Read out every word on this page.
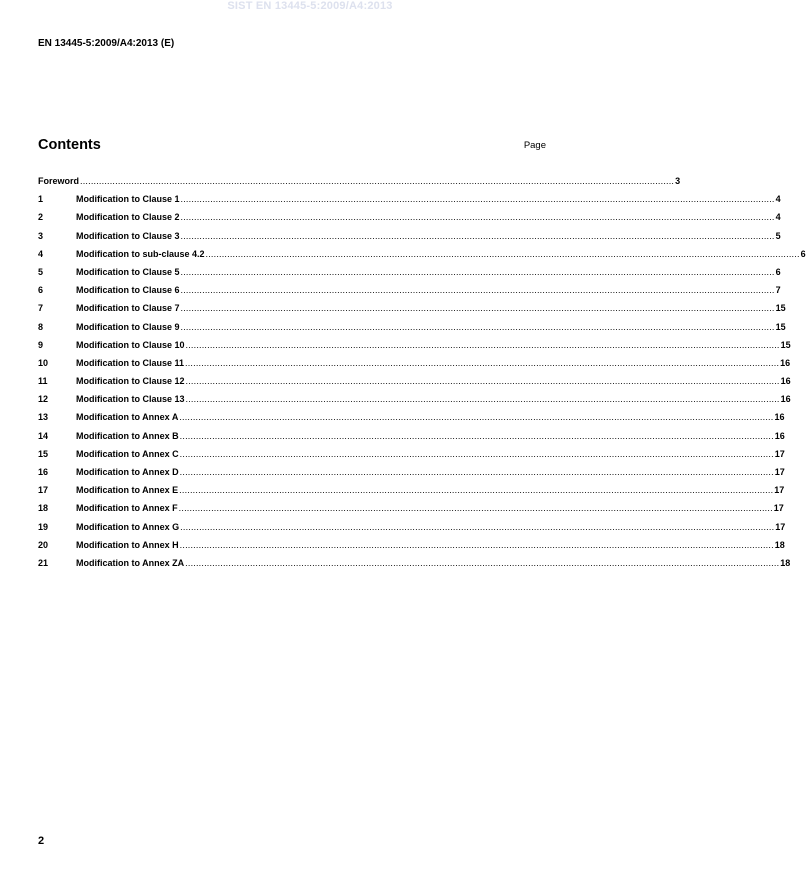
SIST EN 13445-5:2009/A4:2013
EN 13445-5:2009/A4:2013 (E)
Contents	Page
Foreword ............................................................................................................................................................................................................................ 3
1	Modification to Clause 1 ............................................................................................................................................................................................................................ 4
2	Modification to Clause 2 ............................................................................................................................................................................................................................ 4
3	Modification to Clause 3 ............................................................................................................................................................................................................................ 5
4	Modification to sub-clause 4.2 ............................................................................................................................................................................................................................ 6
5	Modification to Clause 5 ............................................................................................................................................................................................................................ 6
6	Modification to Clause 6 ............................................................................................................................................................................................................................ 7
7	Modification to Clause 7 ............................................................................................................................................................................................................................ 15
8	Modification to Clause 9 ............................................................................................................................................................................................................................ 15
9	Modification to Clause 10 ............................................................................................................................................................................................................................ 15
10	Modification to Clause 11 ............................................................................................................................................................................................................................ 16
11	Modification to Clause 12 ............................................................................................................................................................................................................................ 16
12	Modification to Clause 13 ............................................................................................................................................................................................................................ 16
13	Modification to Annex A ............................................................................................................................................................................................................................ 16
14	Modification to Annex B ............................................................................................................................................................................................................................ 16
15	Modification to Annex C ............................................................................................................................................................................................................................ 17
16	Modification to Annex D ............................................................................................................................................................................................................................ 17
17	Modification to Annex E ............................................................................................................................................................................................................................ 17
18	Modification to Annex F ............................................................................................................................................................................................................................ 17
19	Modification to Annex G ............................................................................................................................................................................................................................ 17
20	Modification to Annex H ............................................................................................................................................................................................................................ 18
21	Modification to Annex ZA ............................................................................................................................................................................................................................ 18
2
